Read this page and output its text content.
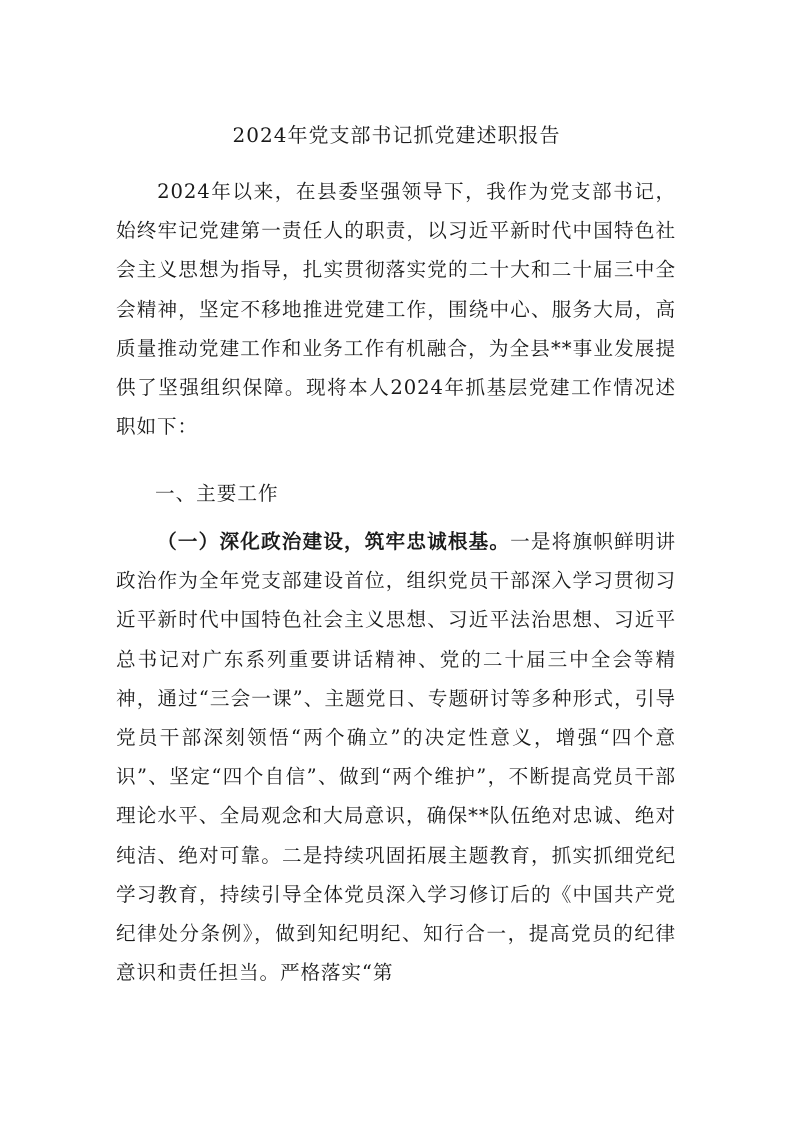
2024年党支部书记抓党建述职报告

2024年以来，在县委坚强领导下，我作为党支部书记，始终牢记党建第一责任人的职责，以习近平新时代中国特色社会主义思想为指导，扎实贯彻落实党的二十大和二十届三中全会精神，坚定不移地推进党建工作，围绕中心、服务大局，高质量推动党建工作和业务工作有机融合，为全县**事业发展提供了坚强组织保障。现将本人2024年抓基层党建工作情况述职如下：

一、主要工作

（一）深化政治建设，筑牢忠诚根基。一是将旗帜鲜明讲政治作为全年党支部建设首位，组织党员干部深入学习贯彻习近平新时代中国特色社会主义思想、习近平法治思想、习近平总书记对广东系列重要讲话精神、党的二十届三中全会等精神，通过“三会一课”、主题党日、专题研讨等多种形式，引导党员干部深刻领悟“两个确立”的决定性意义，增强“四个意识”、坚定“四个自信”、做到“两个维护”，不断提高党员干部理论水平、全局观念和大局意识，确保**队伍绝对忠诚、绝对纯洁、绝对可靠。二是持续巩固拓展主题教育，抓实抓细党纪学习教育，持续引导全体党员深入学习修订后的《中国共产党纪律处分条例》，做到知纪明纪、知行合一，提高党员的纪律意识和责任担当。严格落实“第
